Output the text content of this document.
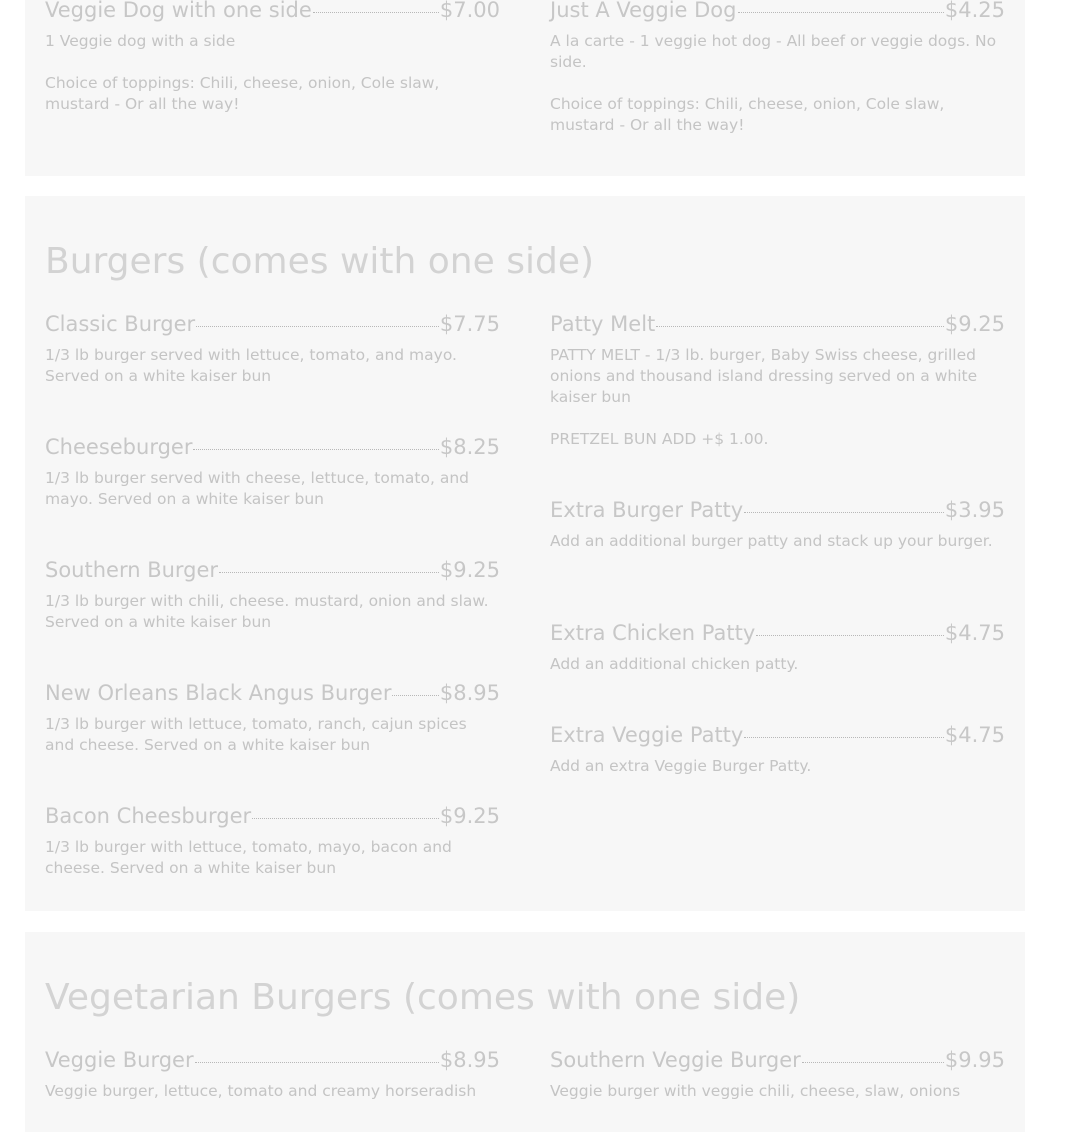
Veggie Dog with one side	$7.00

1 Veggie dog with a side

Choice of toppings: Chili, cheese, onion, Cole slaw, mustard - Or all the way!

Just A Veggie Dog	$4.25

A la carte - 1 veggie hot dog - All beef or veggie dogs. No side.

Choice of toppings: Chili, cheese, onion, Cole slaw, mustard - Or all the way!

Burgers (comes with one side)
Classic Burger	$7.75

1/3 lb burger served with lettuce, tomato, and mayo. Served on a white kaiser bun

Cheeseburger	$8.25

1/3 lb burger served with cheese, lettuce, tomato, and mayo. Served on a white kaiser bun

Southern Burger	$9.25

1/3 lb burger with chili, cheese. mustard, onion and slaw. Served on a white kaiser bun

New Orleans Black Angus Burger $8.95

1/3 lb burger with lettuce, tomato, ranch, cajun spices and cheese. Served on a white kaiser bun

Bacon Cheesburger	$9.25

1/3 lb burger with lettuce, tomato, mayo, bacon and cheese. Served on a white kaiser bun

Patty Melt	$9.25

PATTY MELT - 1/3 lb. burger, Baby Swiss cheese, grilled onions and thousand island dressing served on a white kaiser bun

PRETZEL BUN ADD +$ 1.00.

Extra Burger Patty	$3.95

Add an additional burger patty and stack up your burger.

Extra Chicken Patty	$4.75

Add an additional chicken patty.

Extra Veggie Patty	$4.75

Add an extra Veggie Burger Patty.

Vegetarian Burgers (comes with one side)
Veggie Burger	$8.95

Veggie burger, lettuce, tomato and creamy horseradish

Southern Veggie Burger	$9.95

Veggie burger with veggie chili, cheese, slaw, onions
